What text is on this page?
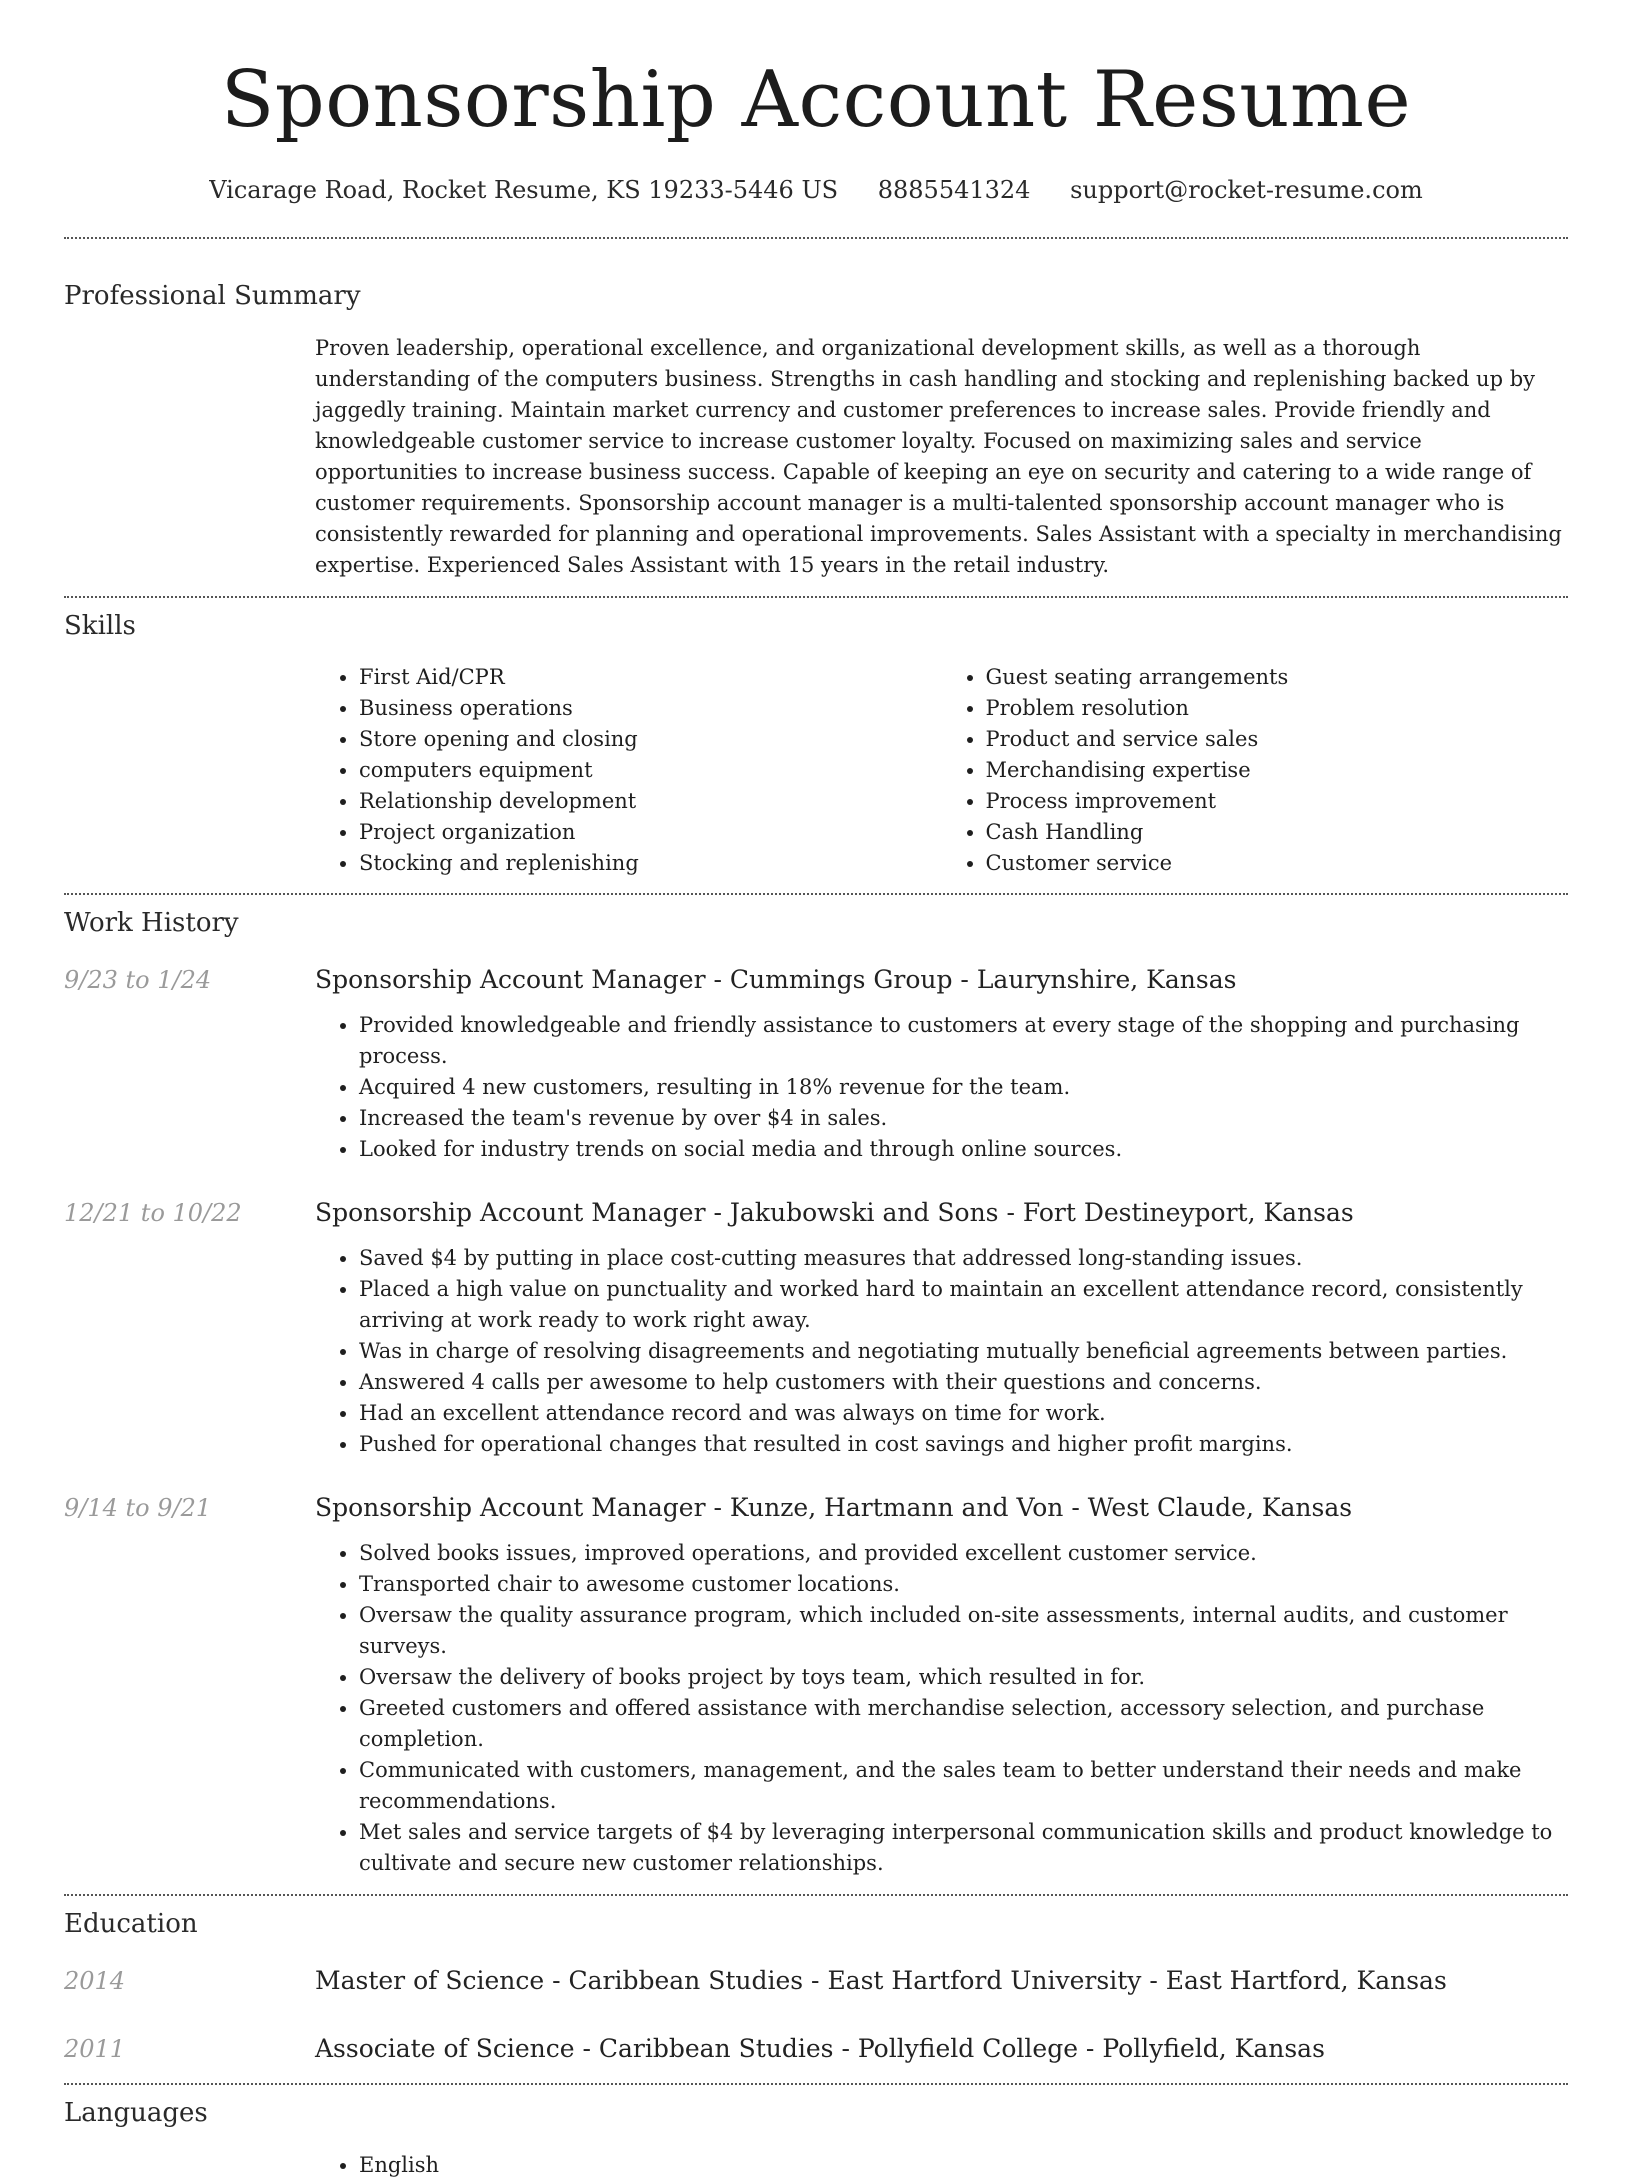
Sponsorship Account Resume
Vicarage Road, Rocket Resume, KS 19233-5446 US 8885541324 support@rocket-resume.com
Professional Summary
Proven leadership, operational excellence, and organizational development skills, as well as a thorough understanding of the computers business. Strengths in cash handling and stocking and replenishing backed up by jaggedly training. Maintain market currency and customer preferences to increase sales. Provide friendly and knowledgeable customer service to increase customer loyalty. Focused on maximizing sales and service opportunities to increase business success. Capable of keeping an eye on security and catering to a wide range of customer requirements. Sponsorship account manager is a multi-talented sponsorship account manager who is consistently rewarded for planning and operational improvements. Sales Assistant with a specialty in merchandising expertise. Experienced Sales Assistant with 15 years in the retail industry.
Skills
• First Aid/CPR
• Business operations
• Store opening and closing
• computers equipment
• Relationship development
• Project organization
• Stocking and replenishing
• Guest seating arrangements
• Problem resolution
• Product and service sales
• Merchandising expertise
• Process improvement
• Cash Handling
• Customer service
Work History
9/23 to 1/24	Sponsorship Account Manager - Cummings Group - Laurynshire, Kansas
• Provided knowledgeable and friendly assistance to customers at every stage of the shopping and purchasing process.
• Acquired 4 new customers, resulting in 18% revenue for the team.
• Increased the team's revenue by over $4 in sales.
• Looked for industry trends on social media and through online sources.
12/21 to 10/22	Sponsorship Account Manager - Jakubowski and Sons - Fort Destineyport, Kansas
• Saved $4 by putting in place cost-cutting measures that addressed long-standing issues.
• Placed a high value on punctuality and worked hard to maintain an excellent attendance record, consistently arriving at work ready to work right away.
• Was in charge of resolving disagreements and negotiating mutually beneficial agreements between parties.
• Answered 4 calls per awesome to help customers with their questions and concerns.
• Had an excellent attendance record and was always on time for work.
• Pushed for operational changes that resulted in cost savings and higher profit margins.
9/14 to 9/21	Sponsorship Account Manager - Kunze, Hartmann and Von - West Claude, Kansas
• Solved books issues, improved operations, and provided excellent customer service.
• Transported chair to awesome customer locations.
• Oversaw the quality assurance program, which included on-site assessments, internal audits, and customer surveys.
• Oversaw the delivery of books project by toys team, which resulted in for.
• Greeted customers and offered assistance with merchandise selection, accessory selection, and purchase completion.
• Communicated with customers, management, and the sales team to better understand their needs and make recommendations.
• Met sales and service targets of $4 by leveraging interpersonal communication skills and product knowledge to cultivate and secure new customer relationships.
Education
2014	Master of Science - Caribbean Studies - East Hartford University - East Hartford, Kansas
2011	Associate of Science - Caribbean Studies - Pollyfield College - Pollyfield, Kansas
Languages
• English
